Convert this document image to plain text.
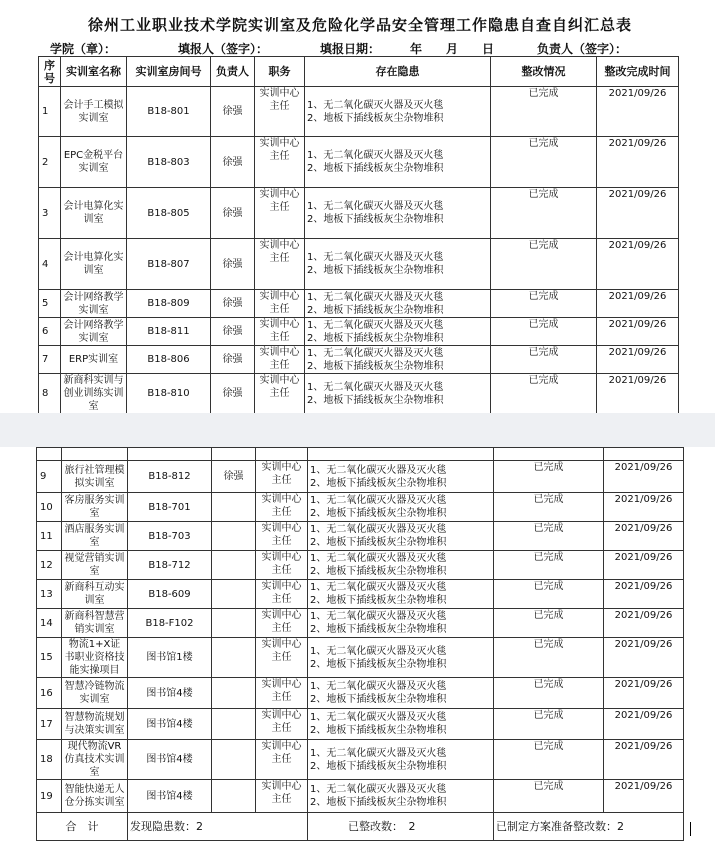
徐州工业职业技术学院实训室及危险化学品安全管理工作隐患自查自纠汇总表
学院（章）：	填报人（签字）：	填报日期：　　　年　　月　　日	负责人（签字）：
序号	实训室名称	实训室房间号	负责人	职务	存在隐患	整改情况	整改完成时间
1	会计手工模拟实训室	B18-801	徐强	实训中心主任	1、无二氧化碳灭火器及灭火毯
2、地板下插线板灰尘杂物堆积	已完成	2021/09/26
2	EPC金税平台实训室	B18-803	徐强	实训中心主任	1、无二氧化碳灭火器及灭火毯
2、地板下插线板灰尘杂物堆积	已完成	2021/09/26
3	会计电算化实训室	B18-805	徐强	实训中心主任	1、无二氧化碳灭火器及灭火毯
2、地板下插线板灰尘杂物堆积	已完成	2021/09/26
4	会计电算化实训室	B18-807	徐强	实训中心主任	1、无二氧化碳灭火器及灭火毯
2、地板下插线板灰尘杂物堆积	已完成	2021/09/26
5	会计网络教学实训室	B18-809	徐强	实训中心主任	1、无二氧化碳灭火器及灭火毯
2、地板下插线板灰尘杂物堆积	已完成	2021/09/26
6	会计网络教学实训室	B18-811	徐强	实训中心主任	1、无二氧化碳灭火器及灭火毯
2、地板下插线板灰尘杂物堆积	已完成	2021/09/26
7	ERP实训室	B18-806	徐强	实训中心主任	1、无二氧化碳灭火器及灭火毯
2、地板下插线板灰尘杂物堆积	已完成	2021/09/26
8	新商科实训与创业训练实训室	B18-810	徐强	实训中心主任	1、无二氧化碳灭火器及灭火毯
2、地板下插线板灰尘杂物堆积	已完成	2021/09/26

9	旅行社管理模拟实训室	B18-812	徐强	实训中心主任	1、无二氧化碳灭火器及灭火毯
2、地板下插线板灰尘杂物堆积	已完成	2021/09/26
10	客房服务实训室	B18-701		实训中心主任	1、无二氧化碳灭火器及灭火毯
2、地板下插线板灰尘杂物堆积	已完成	2021/09/26
11	酒店服务实训室	B18-703		实训中心主任	1、无二氧化碳灭火器及灭火毯
2、地板下插线板灰尘杂物堆积	已完成	2021/09/26
12	视觉营销实训室	B18-712		实训中心主任	1、无二氧化碳灭火器及灭火毯
2、地板下插线板灰尘杂物堆积	已完成	2021/09/26
13	新商科互动实训室	B18-609		实训中心主任	1、无二氧化碳灭火器及灭火毯
2、地板下插线板灰尘杂物堆积	已完成	2021/09/26
14	新商科智慧营销实训室	B18-F102		实训中心主任	1、无二氧化碳灭火器及灭火毯
2、地板下插线板灰尘杂物堆积	已完成	2021/09/26
15	物流1+X证书职业资格技能实操项目	图书馆1楼		实训中心主任	1、无二氧化碳灭火器及灭火毯
2、地板下插线板灰尘杂物堆积	已完成	2021/09/26
16	智慧冷链物流实训室	图书馆4楼		实训中心主任	1、无二氧化碳灭火器及灭火毯
2、地板下插线板灰尘杂物堆积	已完成	2021/09/26
17	智慧物流规划与决策实训室	图书馆4楼		实训中心主任	1、无二氧化碳灭火器及灭火毯
2、地板下插线板灰尘杂物堆积	已完成	2021/09/26
18	现代物流VR仿真技术实训室	图书馆4楼		实训中心主任	1、无二氧化碳灭火器及灭火毯
2、地板下插线板灰尘杂物堆积	已完成	2021/09/26
19	智能快递无人仓分拣实训室	图书馆4楼		实训中心主任	1、无二氧化碳灭火器及灭火毯
2、地板下插线板灰尘杂物堆积	已完成	2021/09/26
合　计		发现隐患数：2			已整改数：　2	已制定方案准备整改数：2	
